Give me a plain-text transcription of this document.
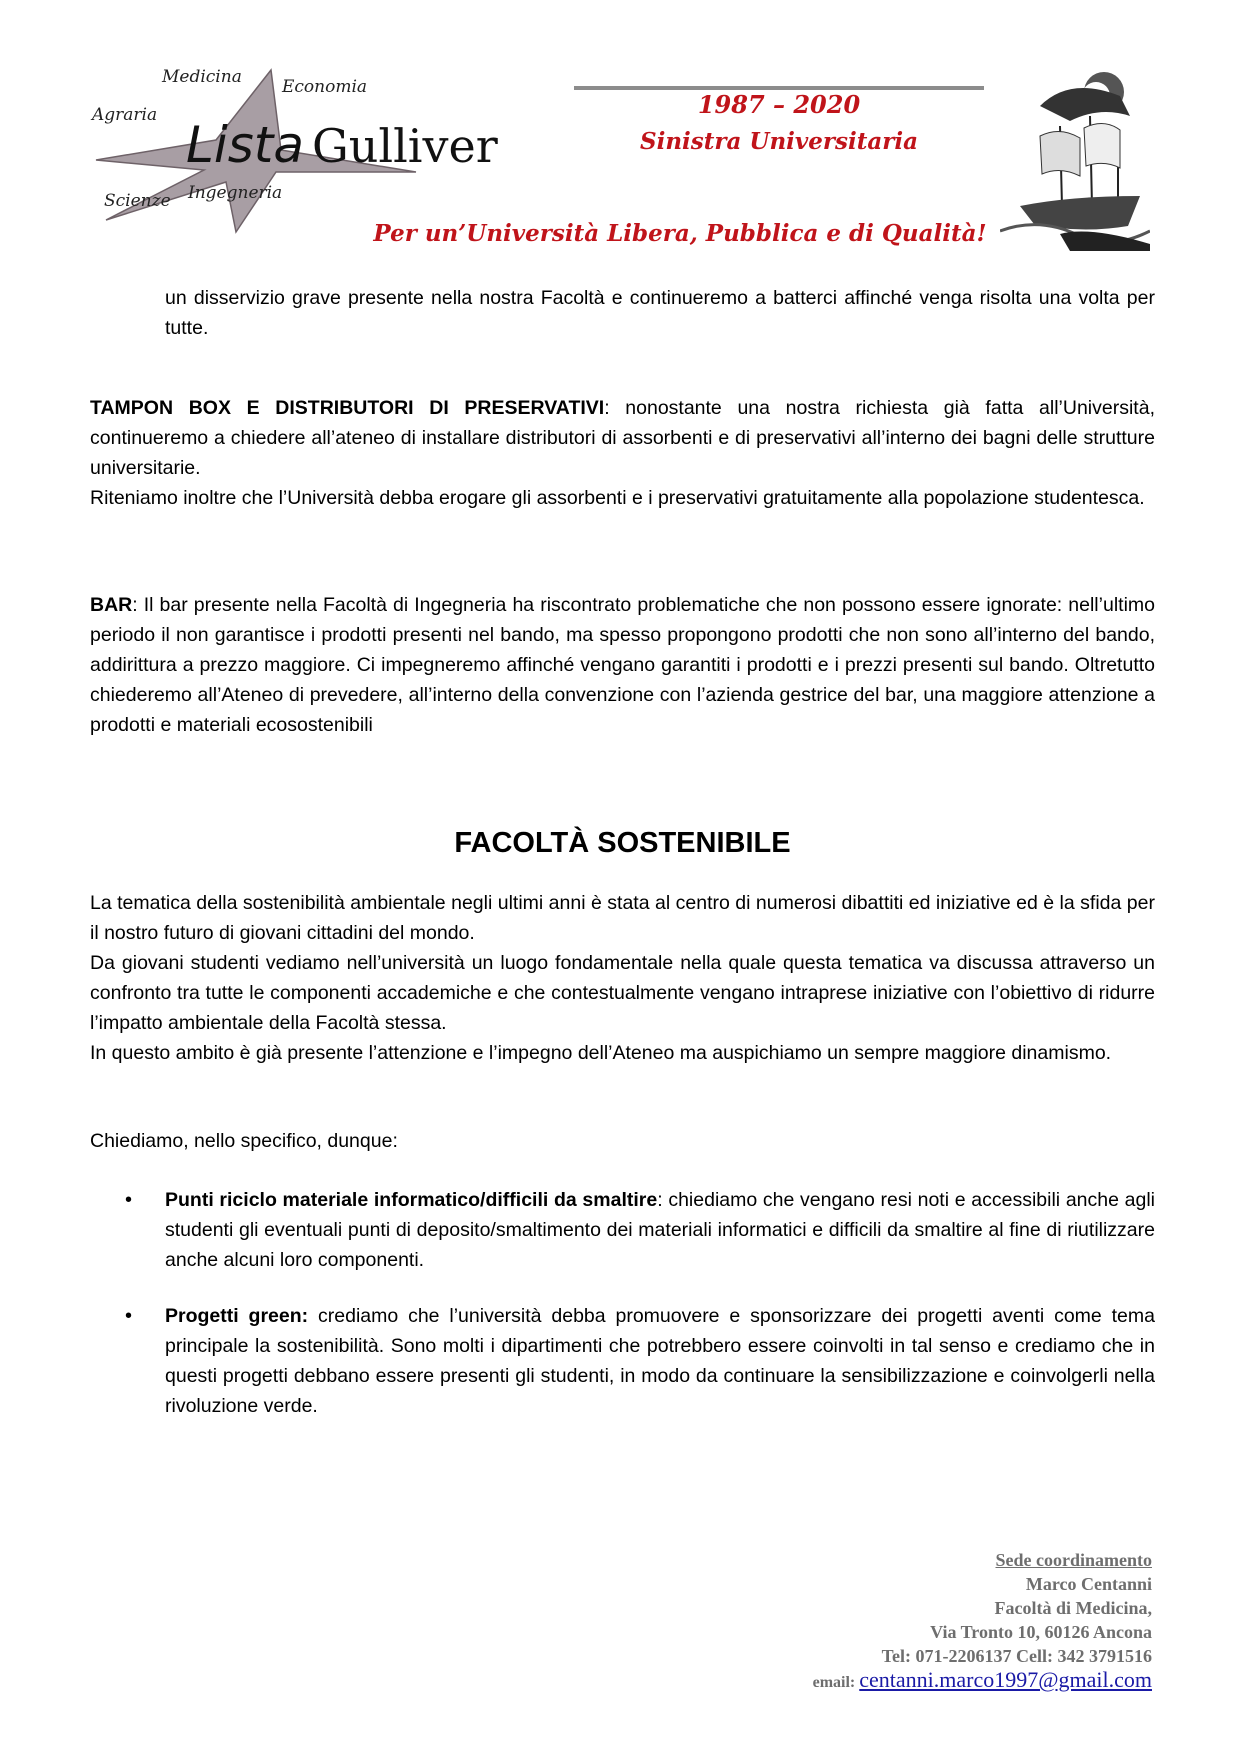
Medicina Economia
Agraria
Scienze Ingegneria
Lista Gulliver
1987 – 2020
Sinistra Universitaria
Per un’Università Libera, Pubblica e di Qualità!

un disservizio grave presente nella nostra Facoltà e continueremo a batterci affinché venga risolta una volta per tutte.

TAMPON BOX E DISTRIBUTORI DI PRESERVATIVI: nonostante una nostra richiesta già fatta all’Università, continueremo a chiedere all’ateneo di installare distributori di assorbenti e di preservativi all’interno dei bagni delle strutture universitarie.

Riteniamo inoltre che l’Università debba erogare gli assorbenti e i preservativi gratuitamente alla popolazione studentesca.

BAR: Il bar presente nella Facoltà di Ingegneria ha riscontrato problematiche che non possono essere ignorate: nell’ultimo periodo il non garantisce i prodotti presenti nel bando, ma spesso propongono prodotti che non sono all’interno del bando, addirittura a prezzo maggiore. Ci impegneremo affinché vengano garantiti i prodotti e i prezzi presenti sul bando. Oltretutto chiederemo all’Ateneo di prevedere, all’interno della convenzione con l’azienda gestrice del bar, una maggiore attenzione a prodotti e materiali ecosostenibili

FACOLTÀ SOSTENIBILE

La tematica della sostenibilità ambientale negli ultimi anni è stata al centro di numerosi dibattiti ed iniziative ed è la sfida per il nostro futuro di giovani cittadini del mondo.

Da giovani studenti vediamo nell’università un luogo fondamentale nella quale questa tematica va discussa attraverso un confronto tra tutte le componenti accademiche e che contestualmente vengano intraprese iniziative con l’obiettivo di ridurre l’impatto ambientale della Facoltà stessa.

In questo ambito è già presente l’attenzione e l’impegno dell’Ateneo ma auspichiamo un sempre maggiore dinamismo.

Chiediamo, nello specifico, dunque:

• Punti riciclo materiale informatico/difficili da smaltire: chiediamo che vengano resi noti e accessibili anche agli studenti gli eventuali punti di deposito/smaltimento dei materiali informatici e difficili da smaltire al fine di riutilizzare anche alcuni loro componenti.

• Progetti green: crediamo che l’università debba promuovere e sponsorizzare dei progetti aventi come tema principale la sostenibilità. Sono molti i dipartimenti che potrebbero essere coinvolti in tal senso e crediamo che in questi progetti debbano essere presenti gli studenti, in modo da continuare la sensibilizzazione e coinvolgerli nella rivoluzione verde.

Sede coordinamento
Marco Centanni
Facoltà di Medicina,
Via Tronto 10, 60126 Ancona
Tel: 071-2206137 Cell: 342 3791516
email: centanni.marco1997@gmail.com
